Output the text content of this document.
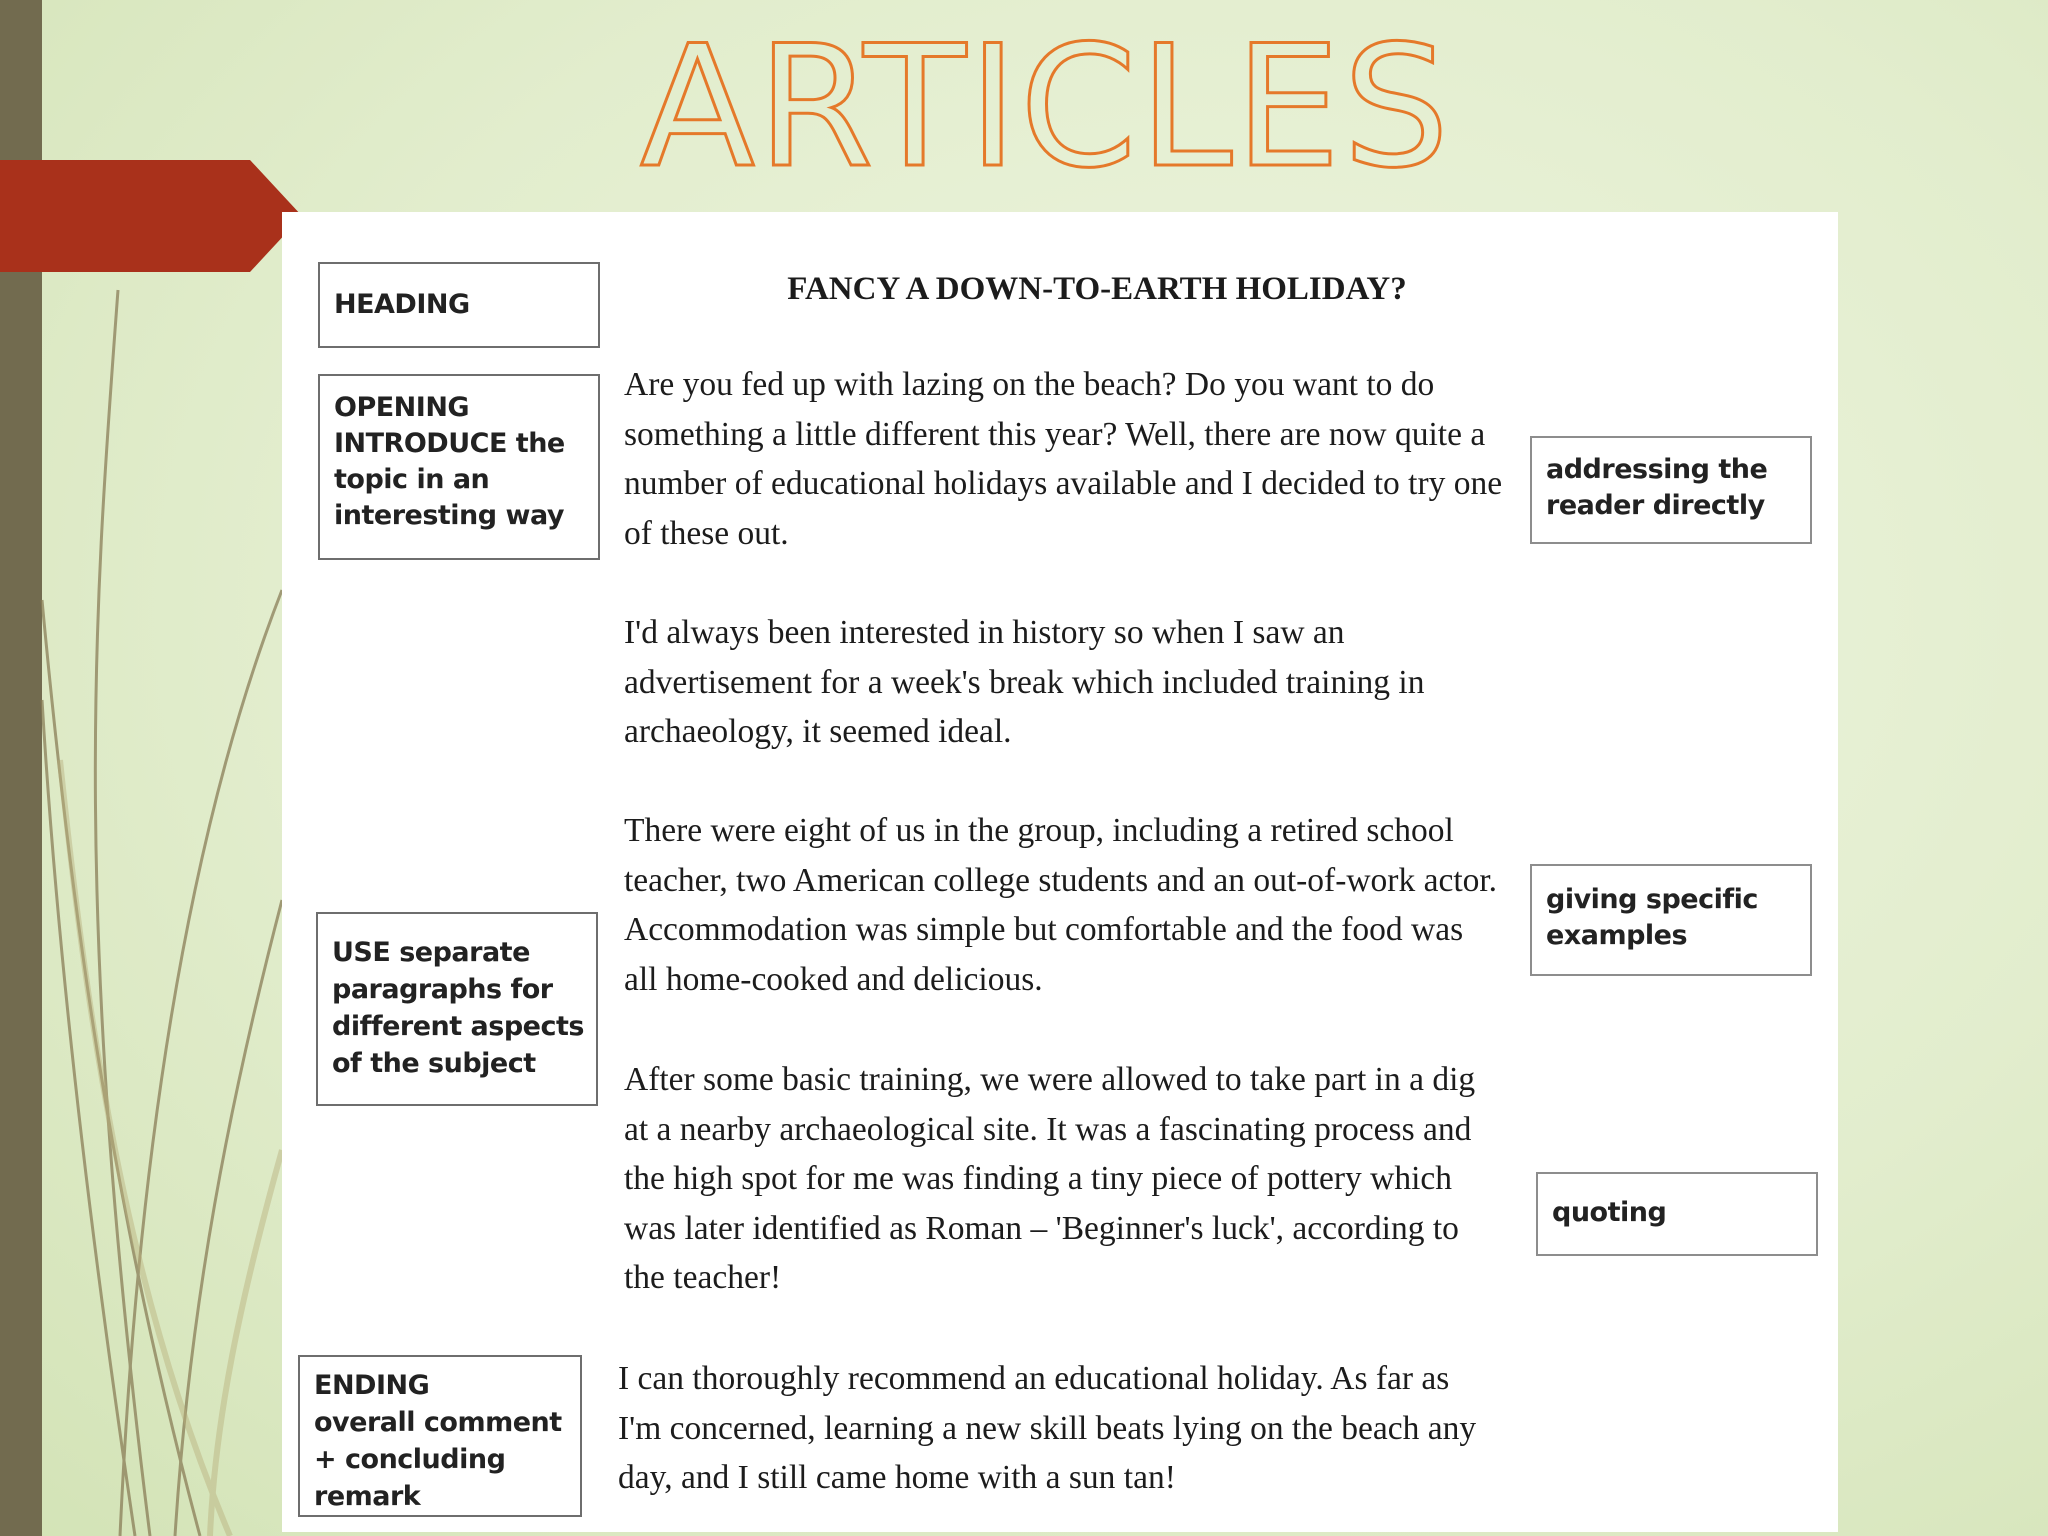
ARTICLES
HEADING
OPENING
INTRODUCE the topic in an interesting way
USE separate paragraphs for different aspects of the subject
ENDING
overall comment + concluding remark
FANCY A DOWN-TO-EARTH HOLIDAY?

Are you fed up with lazing on the beach? Do you want to do something a little different this year? Well, there are now quite a number of educational holidays available and I decided to try one of these out.

I'd always been interested in history so when I saw an advertisement for a week's break which included training in archaeology, it seemed ideal.

There were eight of us in the group, including a retired school teacher, two American college students and an out-of-work actor. Accommodation was simple but comfortable and the food was all home-cooked and delicious.

After some basic training, we were allowed to take part in a dig at a nearby archaeological site. It was a fascinating process and the high spot for me was finding a tiny piece of pottery which was later identified as Roman – 'Beginner's luck', according to the teacher!

I can thoroughly recommend an educational holiday. As far as I'm concerned, learning a new skill beats lying on the beach any day, and I still came home with a sun tan!

addressing the reader directly
giving specific examples
quoting
